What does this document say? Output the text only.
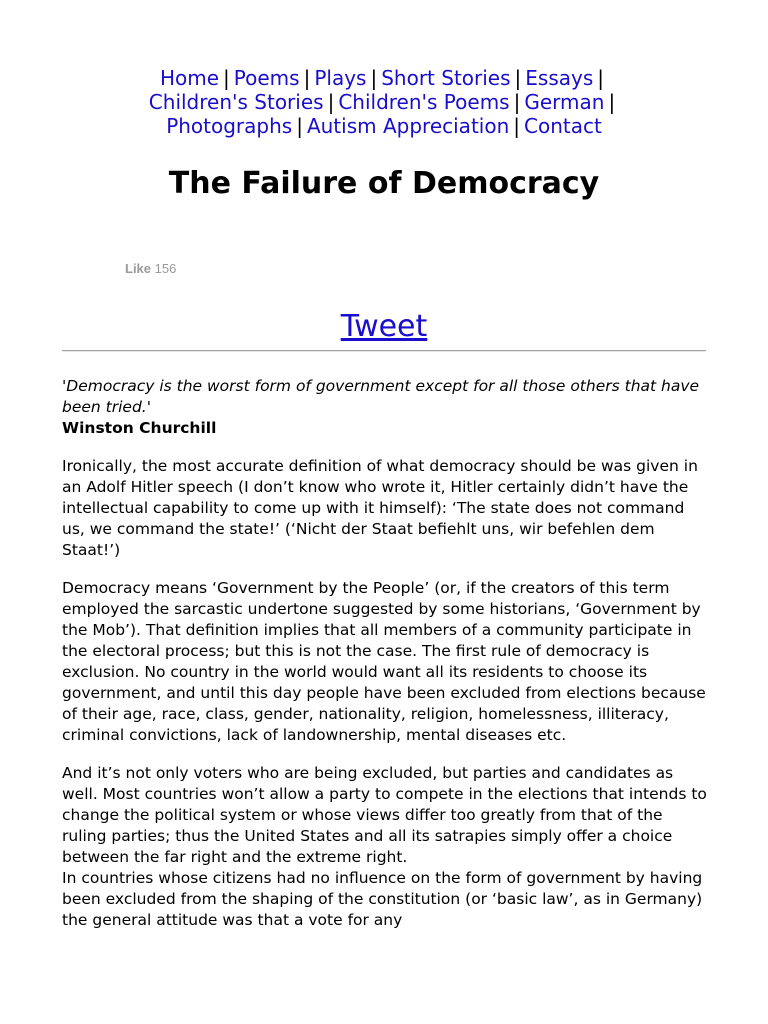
Home | Poems | Plays | Short Stories | Essays |
Children's Stories | Children's Poems | German |
Photographs | Autism Appreciation | Contact
The Failure of Democracy
Like 156
Tweet

'Democracy is the worst form of government except for all those others that have been tried.'

Winston Churchill

Ironically, the most accurate definition of what democracy should be was given in an Adolf Hitler speech (I don’t know who wrote it, Hitler certainly didn’t have the intellectual capability to come up with it himself): ‘The state does not command us, we command the state!’ (‘Nicht der Staat befiehlt uns, wir befehlen dem Staat!’)

Democracy means ‘Government by the People’ (or, if the creators of this term employed the sarcastic undertone suggested by some historians, ‘Government by the Mob’). That definition implies that all members of a community participate in the electoral process; but this is not the case. The first rule of democracy is exclusion. No country in the world would want all its residents to choose its government, and until this day people have been excluded from elections because of their age, race, class, gender, nationality, religion, homelessness, illiteracy, criminal convictions, lack of landownership, mental diseases etc.

And it’s not only voters who are being excluded, but parties and candidates as well. Most countries won’t allow a party to compete in the elections that intends to change the political system or whose views differ too greatly from that of the ruling parties; thus the United States and all its satrapies simply offer a choice between the far right and the extreme right.

In countries whose citizens had no influence on the form of government by having been excluded from the shaping of the constitution (or ‘basic law’, as in Germany) the general attitude was that a vote for any
